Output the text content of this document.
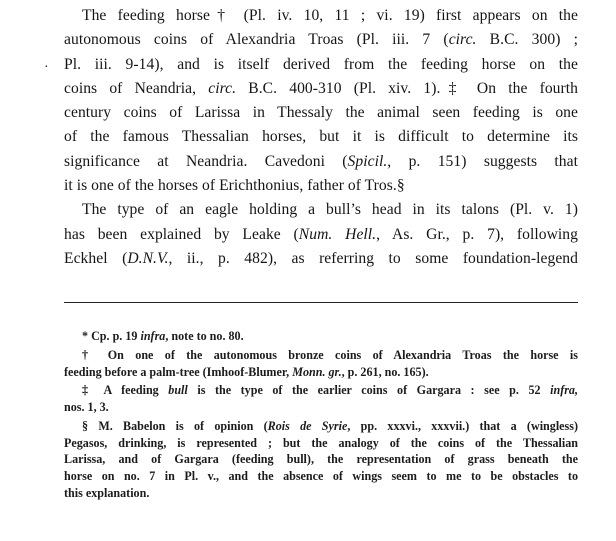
·
The feeding horse† (Pl. iv. 10, 11 ; vi. 19) first appears on the
autonomous coins of Alexandria Troas (Pl. iii. 7 (circ. B.C. 300) ;
Pl. iii. 9-14), and is itself derived from the feeding horse on the
coins of Neandria, circ. B.C. 400-310 (Pl. xiv. 1).‡ On the fourth
century coins of Larissa in Thessaly the animal seen feeding is one
of the famous Thessalian horses, but it is difficult to determine its
significance at Neandria. Cavedoni (Spicil., p. 151) suggests that
it is one of the horses of Erichthonius, father of Tros.§
The type of an eagle holding a bull’s head in its talons (Pl. v. 1)
has been explained by Leake (Num. Hell., As. Gr., p. 7), following
Eckhel (D.N.V., ii., p. 482), as referring to some foundation-legend
* Cp. p. 19 infra, note to no. 80.
† On one of the autonomous bronze coins of Alexandria Troas the horse is
feeding before a palm-tree (Imhoof-Blumer, Monn. gr., p. 261, no. 165).
‡ A feeding bull is the type of the earlier coins of Gargara : see p. 52 infra,
nos. 1, 3.
§ M. Babelon is of opinion (Rois de Syrie, pp. xxxvi., xxxvii.) that a (wingless)
Pegasos, drinking, is represented ; but the analogy of the coins of the Thessalian
Larissa, and of Gargara (feeding bull), the representation of grass beneath the
horse on no. 7 in Pl. v., and the absence of wings seem to me to be obstacles to
this explanation.
